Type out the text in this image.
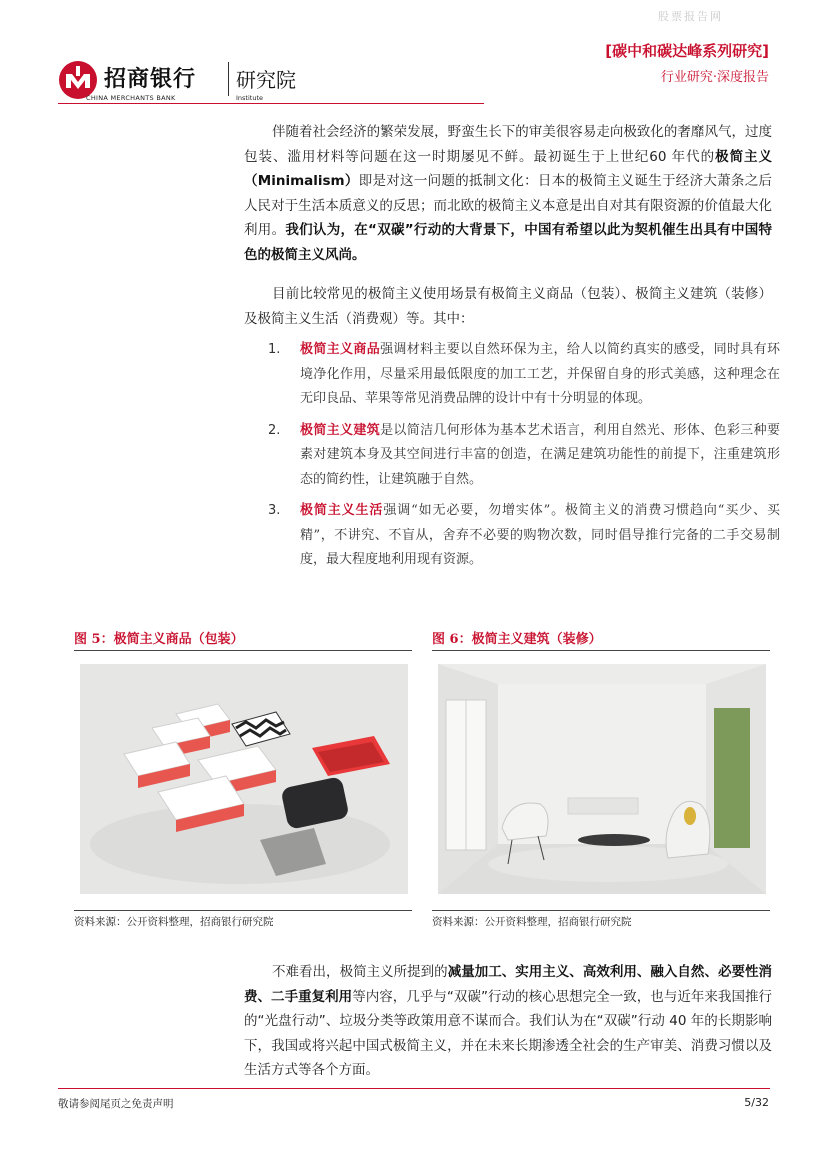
股票报告网
[碳中和碳达峰系列研究]
行业研究·深度报告
招商银行
CHINA MERCHANTS BANK
研究院
Institute
伴随着社会经济的繁荣发展，野蛮生长下的审美很容易走向极致化的奢靡风气，过度包装、滥用材料等问题在这一时期屡见不鲜。最初诞生于上世纪60 年代的极简主义（Minimalism）即是对这一问题的抵制文化：日本的极简主义诞生于经济大萧条之后人民对于生活本质意义的反思；而北欧的极简主义本意是出自对其有限资源的价值最大化利用。我们认为，在“双碳”行动的大背景下，中国有希望以此为契机催生出具有中国特色的极简主义风尚。
目前比较常见的极简主义使用场景有极简主义商品（包装）、极简主义建筑（装修）及极简主义生活（消费观）等。其中：
1. 极简主义商品强调材料主要以自然环保为主，给人以简约真实的感受，同时具有环境净化作用，尽量采用最低限度的加工工艺，并保留自身的形式美感，这种理念在无印良品、苹果等常见消费品牌的设计中有十分明显的体现。
2. 极简主义建筑是以简洁几何形体为基本艺术语言，利用自然光、形体、色彩三种要素对建筑本身及其空间进行丰富的创造，在满足建筑功能性的前提下，注重建筑形态的简约性，让建筑融于自然。
3. 极简主义生活强调“如无必要，勿增实体”。极简主义的消费习惯趋向“买少、买精”，不讲究、不盲从，舍弃不必要的购物次数，同时倡导推行完备的二手交易制度，最大程度地利用现有资源。
图 5：极简主义商品（包装）
资料来源：公开资料整理，招商银行研究院
图 6：极简主义建筑（装修）
资料来源：公开资料整理，招商银行研究院
不难看出，极简主义所提到的减量加工、实用主义、高效利用、融入自然、必要性消费、二手重复利用等内容，几乎与“双碳”行动的核心思想完全一致，也与近年来我国推行的“光盘行动”、垃圾分类等政策用意不谋而合。我们认为在“双碳”行动 40 年的长期影响下，我国或将兴起中国式极简主义，并在未来长期渗透全社会的生产审美、消费习惯以及生活方式等各个方面。
敬请参阅尾页之免责声明	5/32
